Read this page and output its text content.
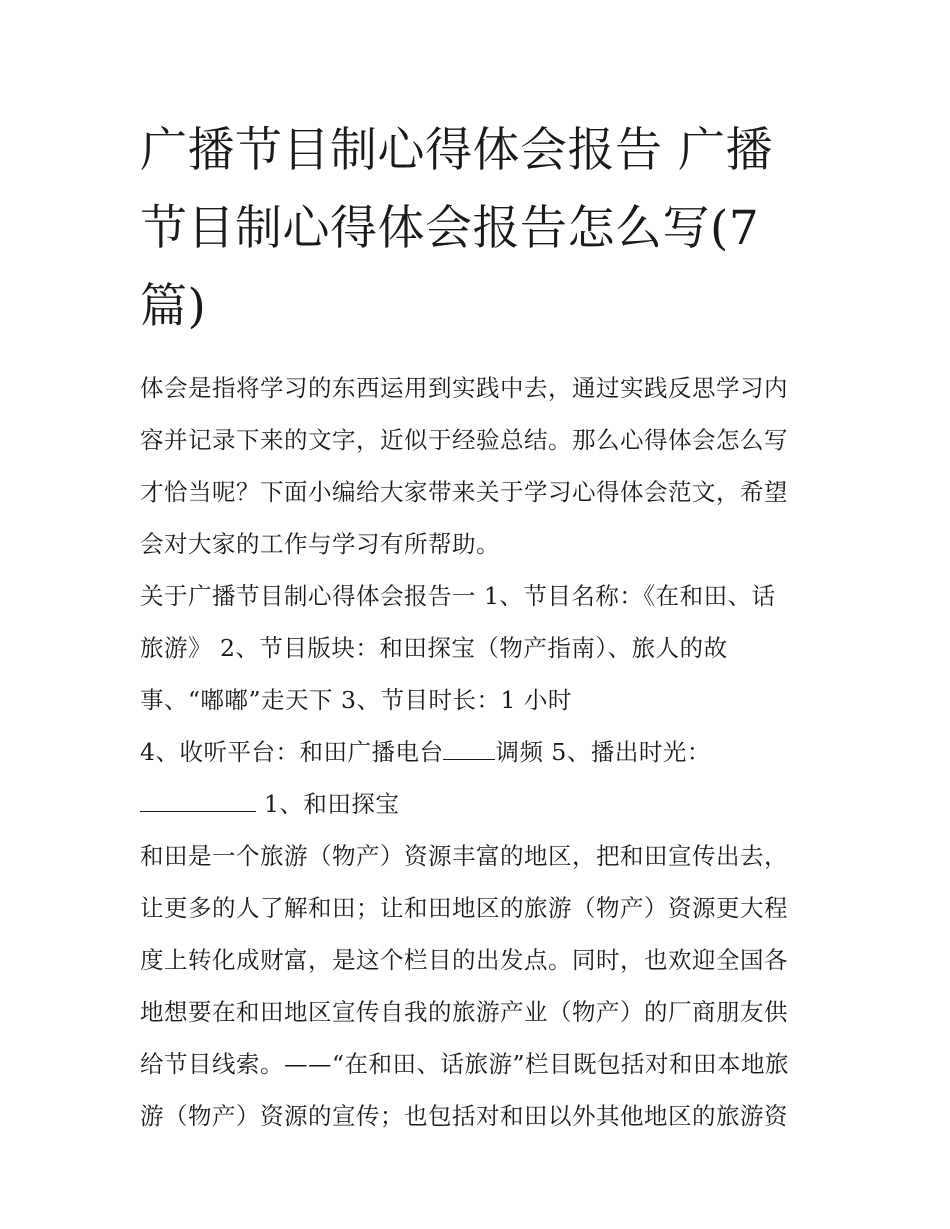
广播节目制心得体会报告 广播
节目制心得体会报告怎么写(7
篇)

体会是指将学习的东西运用到实践中去，通过实践反思学习内
容并记录下来的文字，近似于经验总结。那么心得体会怎么写
才恰当呢？下面小编给大家带来关于学习心得体会范文，希望
会对大家的工作与学习有所帮助。

关于广播节目制心得体会报告一 1、节目名称：《在和田、话
旅游》 2、节目版块：和田探宝（物产指南）、旅人的故
事、“嘟嘟”走天下 3、节目时长：1 小时

4、收听平台：和田广播电台 调频 5、播出时光：
1、和田探宝

和田是一个旅游（物产）资源丰富的地区，把和田宣传出去，
让更多的人了解和田；让和田地区的旅游（物产）资源更大程
度上转化成财富，是这个栏目的出发点。同时，也欢迎全国各
地想要在和田地区宣传自我的旅游产业（物产）的厂商朋友供
给节目线索。——“在和田、话旅游”栏目既包括对和田本地旅
游（物产）资源的宣传；也包括对和田以外其他地区的旅游资
